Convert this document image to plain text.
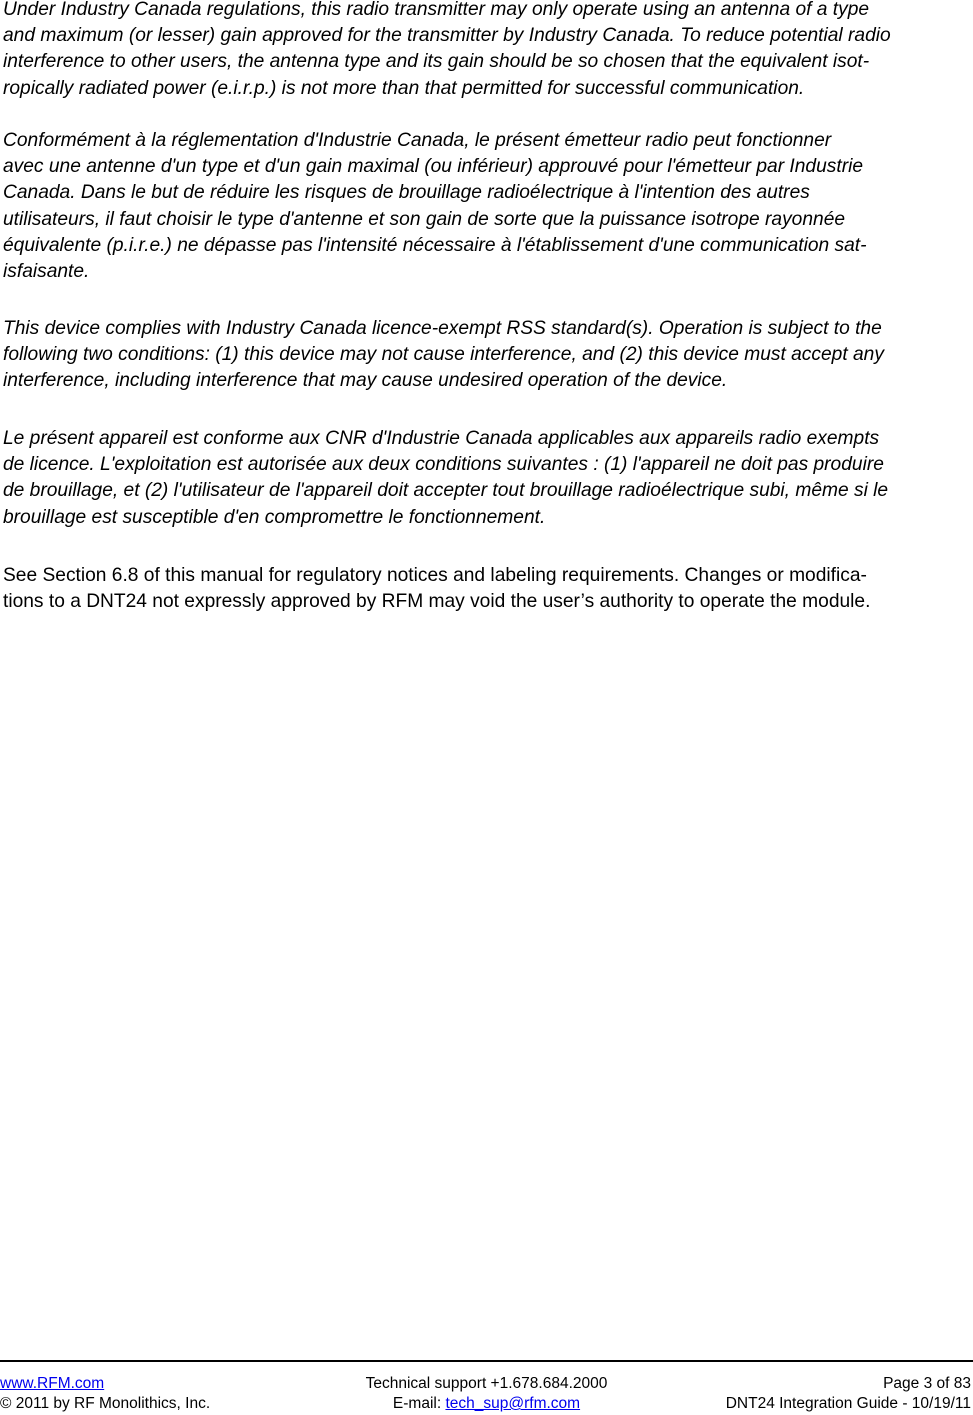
Under Industry Canada regulations, this radio transmitter may only operate using an antenna of a type
and maximum (or lesser) gain approved for the transmitter by Industry Canada. To reduce potential radio
interference to other users, the antenna type and its gain should be so chosen that the equivalent isot-
ropically radiated power (e.i.r.p.) is not more than that permitted for successful communication.

Conformément à la réglementation d'Industrie Canada, le présent émetteur radio peut fonctionner
avec une antenne d'un type et d'un gain maximal (ou inférieur) approuvé pour l'émetteur par Industrie
Canada. Dans le but de réduire les risques de brouillage radioélectrique à l'intention des autres
utilisateurs, il faut choisir le type d'antenne et son gain de sorte que la puissance isotrope rayonnée
équivalente (p.i.r.e.) ne dépasse pas l'intensité nécessaire à l'établissement d'une communication sat-
isfaisante.

This device complies with Industry Canada licence-exempt RSS standard(s). Operation is subject to the
following two conditions: (1) this device may not cause interference, and (2) this device must accept any
interference, including interference that may cause undesired operation of the device.

Le présent appareil est conforme aux CNR d'Industrie Canada applicables aux appareils radio exempts
de licence. L'exploitation est autorisée aux deux conditions suivantes : (1) l'appareil ne doit pas produire
de brouillage, et (2) l'utilisateur de l'appareil doit accepter tout brouillage radioélectrique subi, même si le
brouillage est susceptible d'en compromettre le fonctionnement.

See Section 6.8 of this manual for regulatory notices and labeling requirements. Changes or modifica-
tions to a DNT24 not expressly approved by RFM may void the user’s authority to operate the module.

www.RFM.com	Technical support +1.678.684.2000	Page 3 of 83
© 2011 by RF Monolithics, Inc.	E-mail: tech_sup@rfm.com	DNT24 Integration Guide - 10/19/11
